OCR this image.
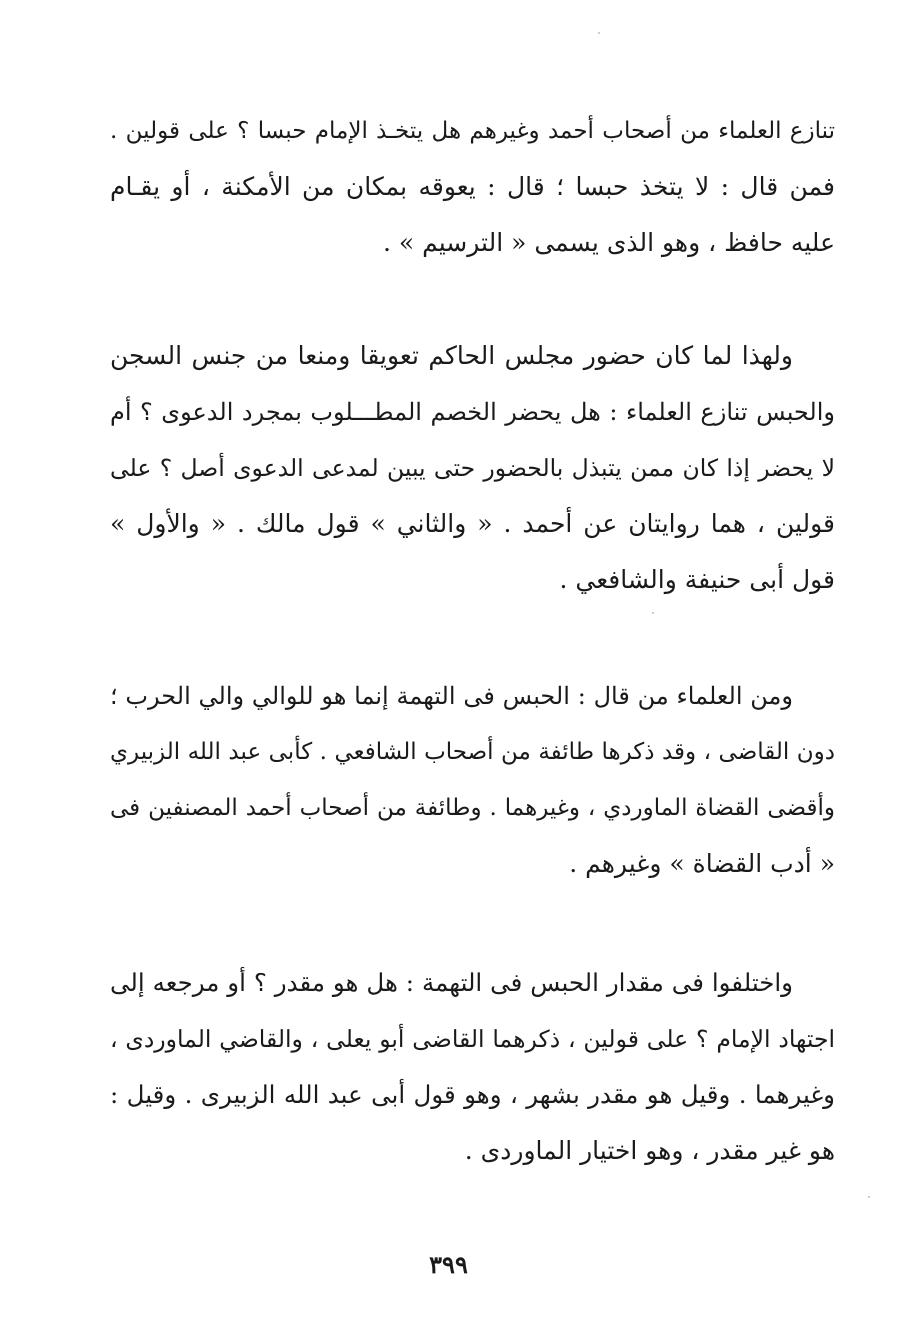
تنازع العلماء من أصحاب أحمد وغيرهم هل يتخـذ الإمام حبسا ؟ على قولين .
فمن قال : لا يتخذ حبسا ؛ قال : يعوقه بمكان من الأمكنة ، أو يقـام
عليه حافظ ، وهو الذى يسمى « الترسيم » .
ولهذا لما كان حضور مجلس الحاكم تعويقا ومنعا من جنس السجن
والحبس تنازع العلماء : هل يحضر الخصم المطـــلوب بمجرد الدعوى ؟ أم
لا يحضر إذا كان ممن يتبذل بالحضور حتى يبين لمدعى الدعوى أصل ؟ على
قولين ، هما روايتان عن أحمد . « والثاني » قول مالك . « والأول »
قول أبى حنيفة والشافعي .
ومن العلماء من قال : الحبس فى التهمة إنما هو للوالي والي الحرب ؛
دون القاضى ، وقد ذكرها طائفة من أصحاب الشافعي . كأبى عبد الله الزبيري
وأقضى القضاة الماوردي ، وغيرهما . وطائفة من أصحاب أحمد المصنفين فى
« أدب القضاة » وغيرهم .
واختلفوا فى مقدار الحبس فى التهمة : هل هو مقدر ؟ أو مرجعه إلى
اجتهاد الإمام ؟ على قولين ، ذكرهما القاضى أبو يعلى ، والقاضي الماوردى ،
وغيرهما . وقيل هو مقدر بشهر ، وهو قول أبى عبد الله الزبيرى . وقيل :
هو غير مقدر ، وهو اختيار الماوردى .
٣٩٩
